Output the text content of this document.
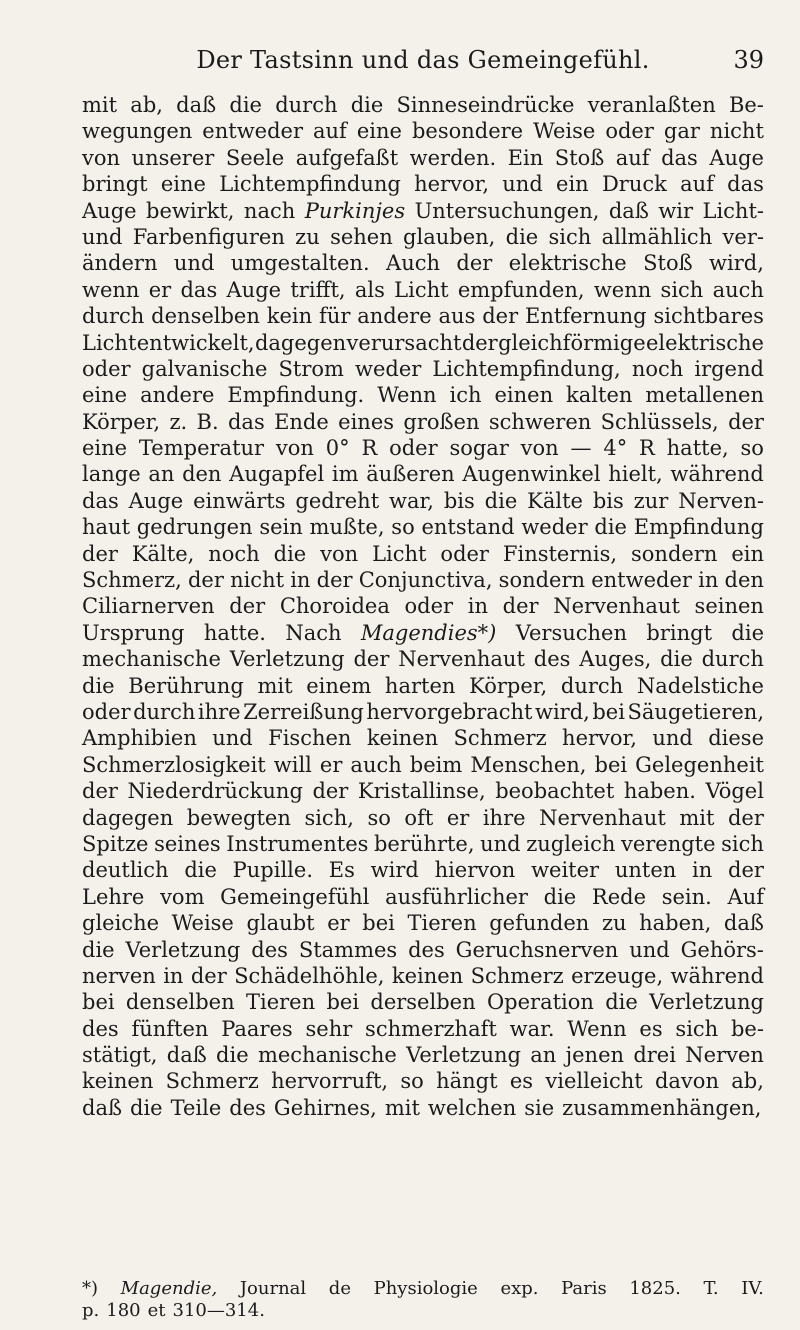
Der Tastsinn und das Gemeingefühl.	39
mit ab, daß die durch die Sinneseindrücke veranlaßten Be-
wegungen entweder auf eine besondere Weise oder gar nicht
von unserer Seele aufgefaßt werden. Ein Stoß auf das Auge
bringt eine Lichtempfindung hervor, und ein Druck auf das
Auge bewirkt, nach Purkinjes Untersuchungen, daß wir Licht-
und Farbenfiguren zu sehen glauben, die sich allmählich ver-
ändern und umgestalten. Auch der elektrische Stoß wird,
wenn er das Auge trifft, als Licht empfunden, wenn sich auch
durch denselben kein für andere aus der Entfernung sichtbares
Licht entwickelt, dagegen verursacht der gleichförmige elektrische
oder galvanische Strom weder Lichtempfindung, noch irgend
eine andere Empfindung. Wenn ich einen kalten metallenen
Körper, z. B. das Ende eines großen schweren Schlüssels, der
eine Temperatur von 0° R oder sogar von — 4° R hatte, so
lange an den Augapfel im äußeren Augenwinkel hielt, während
das Auge einwärts gedreht war, bis die Kälte bis zur Nerven-
haut gedrungen sein mußte, so entstand weder die Empfindung
der Kälte, noch die von Licht oder Finsternis, sondern ein
Schmerz, der nicht in der Conjunctiva, sondern entweder in den
Ciliarnerven der Choroidea oder in der Nervenhaut seinen
Ursprung hatte. Nach Magendies*) Versuchen bringt die
mechanische Verletzung der Nervenhaut des Auges, die durch
die Berührung mit einem harten Körper, durch Nadelstiche
oder durch ihre Zerreißung hervorgebracht wird, bei Säugetieren,
Amphibien und Fischen keinen Schmerz hervor, und diese
Schmerzlosigkeit will er auch beim Menschen, bei Gelegenheit
der Niederdrückung der Kristallinse, beobachtet haben. Vögel
dagegen bewegten sich, so oft er ihre Nervenhaut mit der
Spitze seines Instrumentes berührte, und zugleich verengte sich
deutlich die Pupille. Es wird hiervon weiter unten in der
Lehre vom Gemeingefühl ausführlicher die Rede sein. Auf
gleiche Weise glaubt er bei Tieren gefunden zu haben, daß
die Verletzung des Stammes des Geruchsnerven und Gehörs-
nerven in der Schädelhöhle, keinen Schmerz erzeuge, während
bei denselben Tieren bei derselben Operation die Verletzung
des fünften Paares sehr schmerzhaft war. Wenn es sich be-
stätigt, daß die mechanische Verletzung an jenen drei Nerven
keinen Schmerz hervorruft, so hängt es vielleicht davon ab,
daß die Teile des Gehirnes, mit welchen sie zusammenhängen,
*) Magendie, Journal de Physiologie exp. Paris 1825. T. IV.
p. 180 et 310—314.
